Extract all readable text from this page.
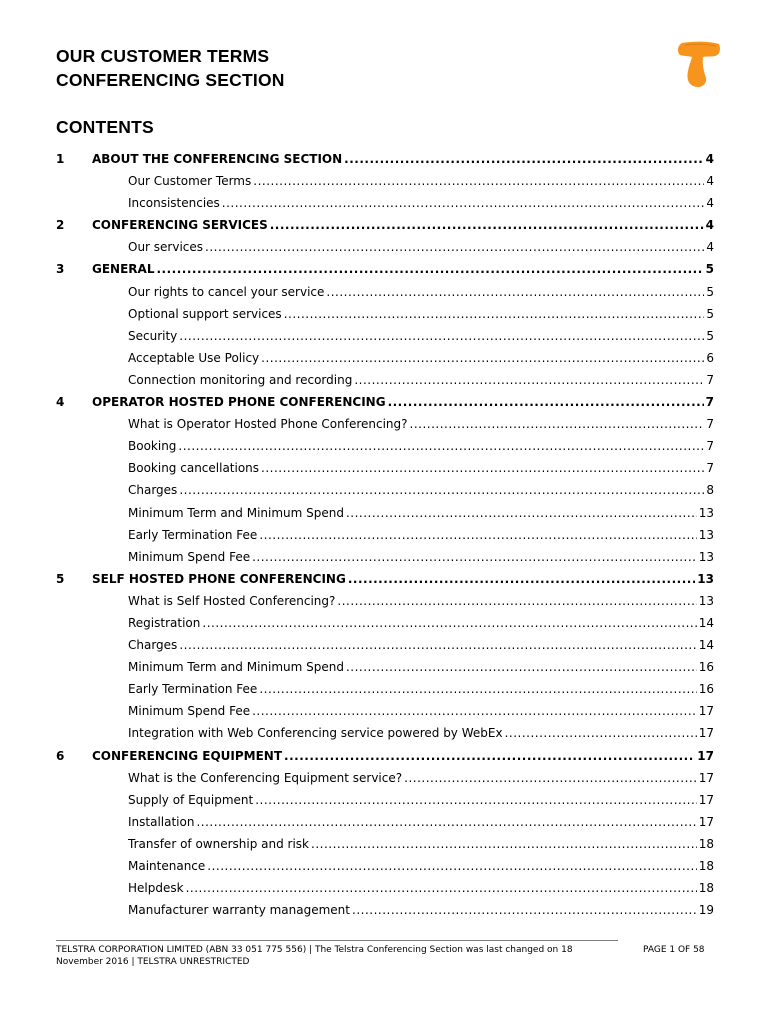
OUR CUSTOMER TERMS
CONFERENCING SECTION
CONTENTS
1	ABOUT THE CONFERENCING SECTION .....	4
Our Customer Terms .....	4
Inconsistencies .....	4
2	CONFERENCING SERVICES .....	4
Our services .....	4
3	GENERAL .....	5
Our rights to cancel your service .....	5
Optional support services .....	5
Security .....	5
Acceptable Use Policy .....	6
Connection monitoring and recording .....	7
4	OPERATOR HOSTED PHONE CONFERENCING .....	7
What is Operator Hosted Phone Conferencing? .....	7
Booking .....	7
Booking cancellations .....	7
Charges .....	8
Minimum Term and Minimum Spend .....	13
Early Termination Fee .....	13
Minimum Spend Fee .....	13
5	SELF HOSTED PHONE CONFERENCING .....	13
What is Self Hosted Conferencing? .....	13
Registration .....	14
Charges .....	14
Minimum Term and Minimum Spend .....	16
Early Termination Fee .....	16
Minimum Spend Fee .....	17
Integration with Web Conferencing service powered by WebEx .....	17
6	CONFERENCING EQUIPMENT .....	17
What is the Conferencing Equipment service? .....	17
Supply of Equipment .....	17
Installation .....	17
Transfer of ownership and risk .....	18
Maintenance .....	18
Helpdesk .....	18
Manufacturer warranty management .....	19
TELSTRA CORPORATION LIMITED (ABN 33 051 775 556) | The Telstra Conferencing Section was last changed on 18 November 2016 | TELSTRA UNRESTRICTED
PAGE 1 OF 58
